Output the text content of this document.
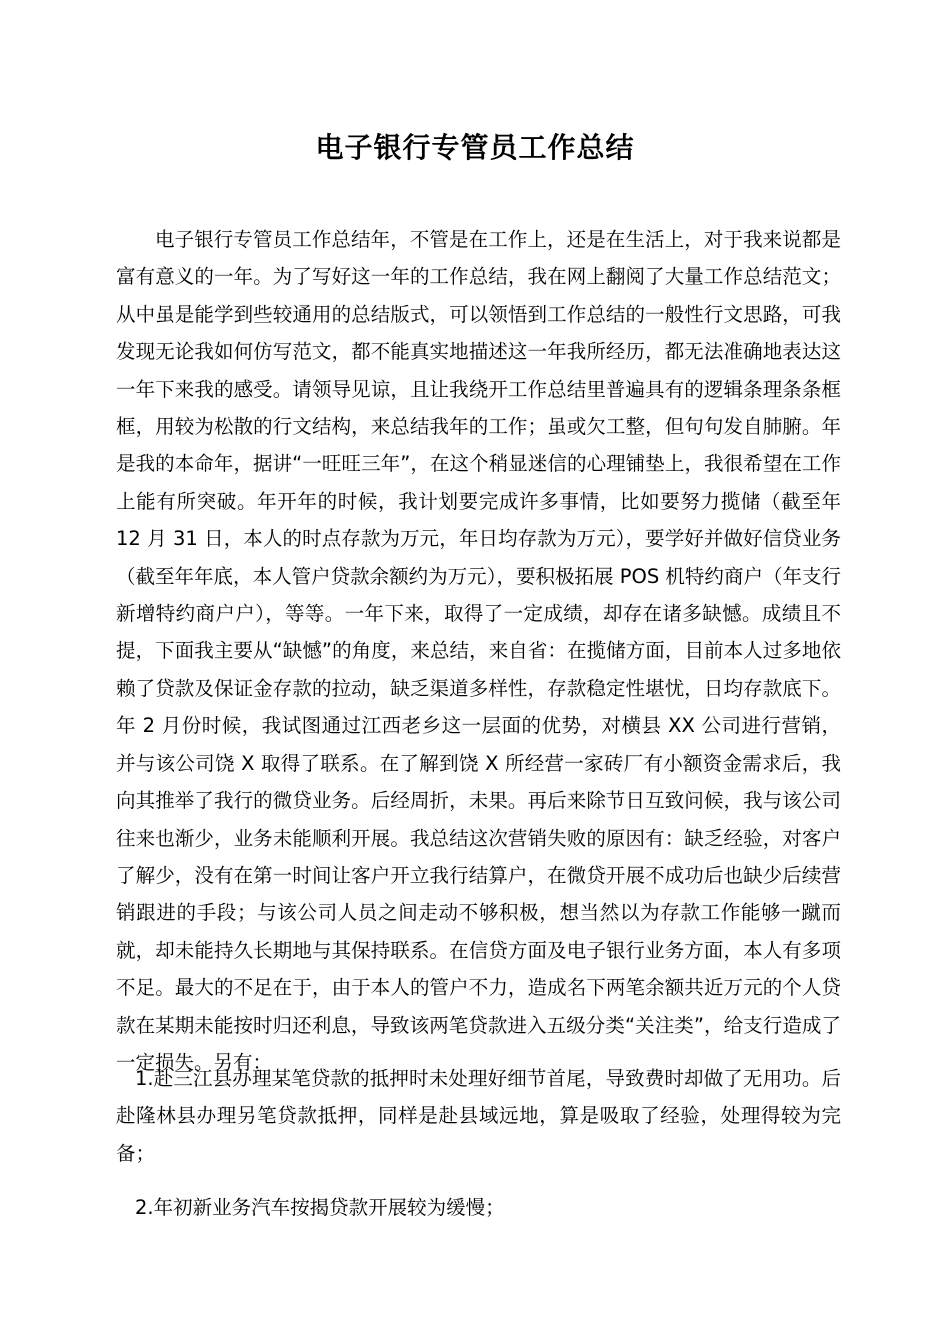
电子银行专管员工作总结

电子银行专管员工作总结年，不管是在工作上，还是在生活上，对于我来说都是富有意义的一年。为了写好这一年的工作总结，我在网上翻阅了大量工作总结范文；从中虽是能学到些较通用的总结版式，可以领悟到工作总结的一般性行文思路，可我发现无论我如何仿写范文，都不能真实地描述这一年我所经历，都无法准确地表达这一年下来我的感受。请领导见谅，且让我绕开工作总结里普遍具有的逻辑条理条条框框，用较为松散的行文结构，来总结我年的工作；虽或欠工整，但句句发自肺腑。年是我的本命年，据讲“一旺旺三年”，在这个稍显迷信的心理铺垫上，我很希望在工作上能有所突破。年开年的时候，我计划要完成许多事情，比如要努力揽储（截至年 12 月 31 日，本人的时点存款为万元，年日均存款为万元），要学好并做好信贷业务（截至年年底，本人管户贷款余额约为万元），要积极拓展 POS 机特约商户（年支行新增特约商户户），等等。一年下来，取得了一定成绩，却存在诸多缺憾。成绩且不提，下面我主要从“缺憾”的角度，来总结，来自省：在揽储方面，目前本人过多地依赖了贷款及保证金存款的拉动，缺乏渠道多样性，存款稳定性堪忧，日均存款底下。年 2 月份时候，我试图通过江西老乡这一层面的优势，对横县 XX 公司进行营销，并与该公司饶 X 取得了联系。在了解到饶 X 所经营一家砖厂有小额资金需求后，我向其推举了我行的微贷业务。后经周折，未果。再后来除节日互致问候，我与该公司往来也渐少，业务未能顺利开展。我总结这次营销失败的原因有：缺乏经验，对客户了解少，没有在第一时间让客户开立我行结算户，在微贷开展不成功后也缺少后续营销跟进的手段；与该公司人员之间走动不够积极，想当然以为存款工作能够一蹴而就，却未能持久长期地与其保持联系。在信贷方面及电子银行业务方面，本人有多项不足。最大的不足在于，由于本人的管户不力，造成名下两笔余额共近万元的个人贷款在某期未能按时归还利息，导致该两笔贷款进入五级分类“关注类”，给支行造成了一定损失。另有：

1.赴三江县办理某笔贷款的抵押时未处理好细节首尾，导致费时却做了无用功。后赴隆林县办理另笔贷款抵押，同样是赴县域远地，算是吸取了经验，处理得较为完备；

2.年初新业务汽车按揭贷款开展较为缓慢；
